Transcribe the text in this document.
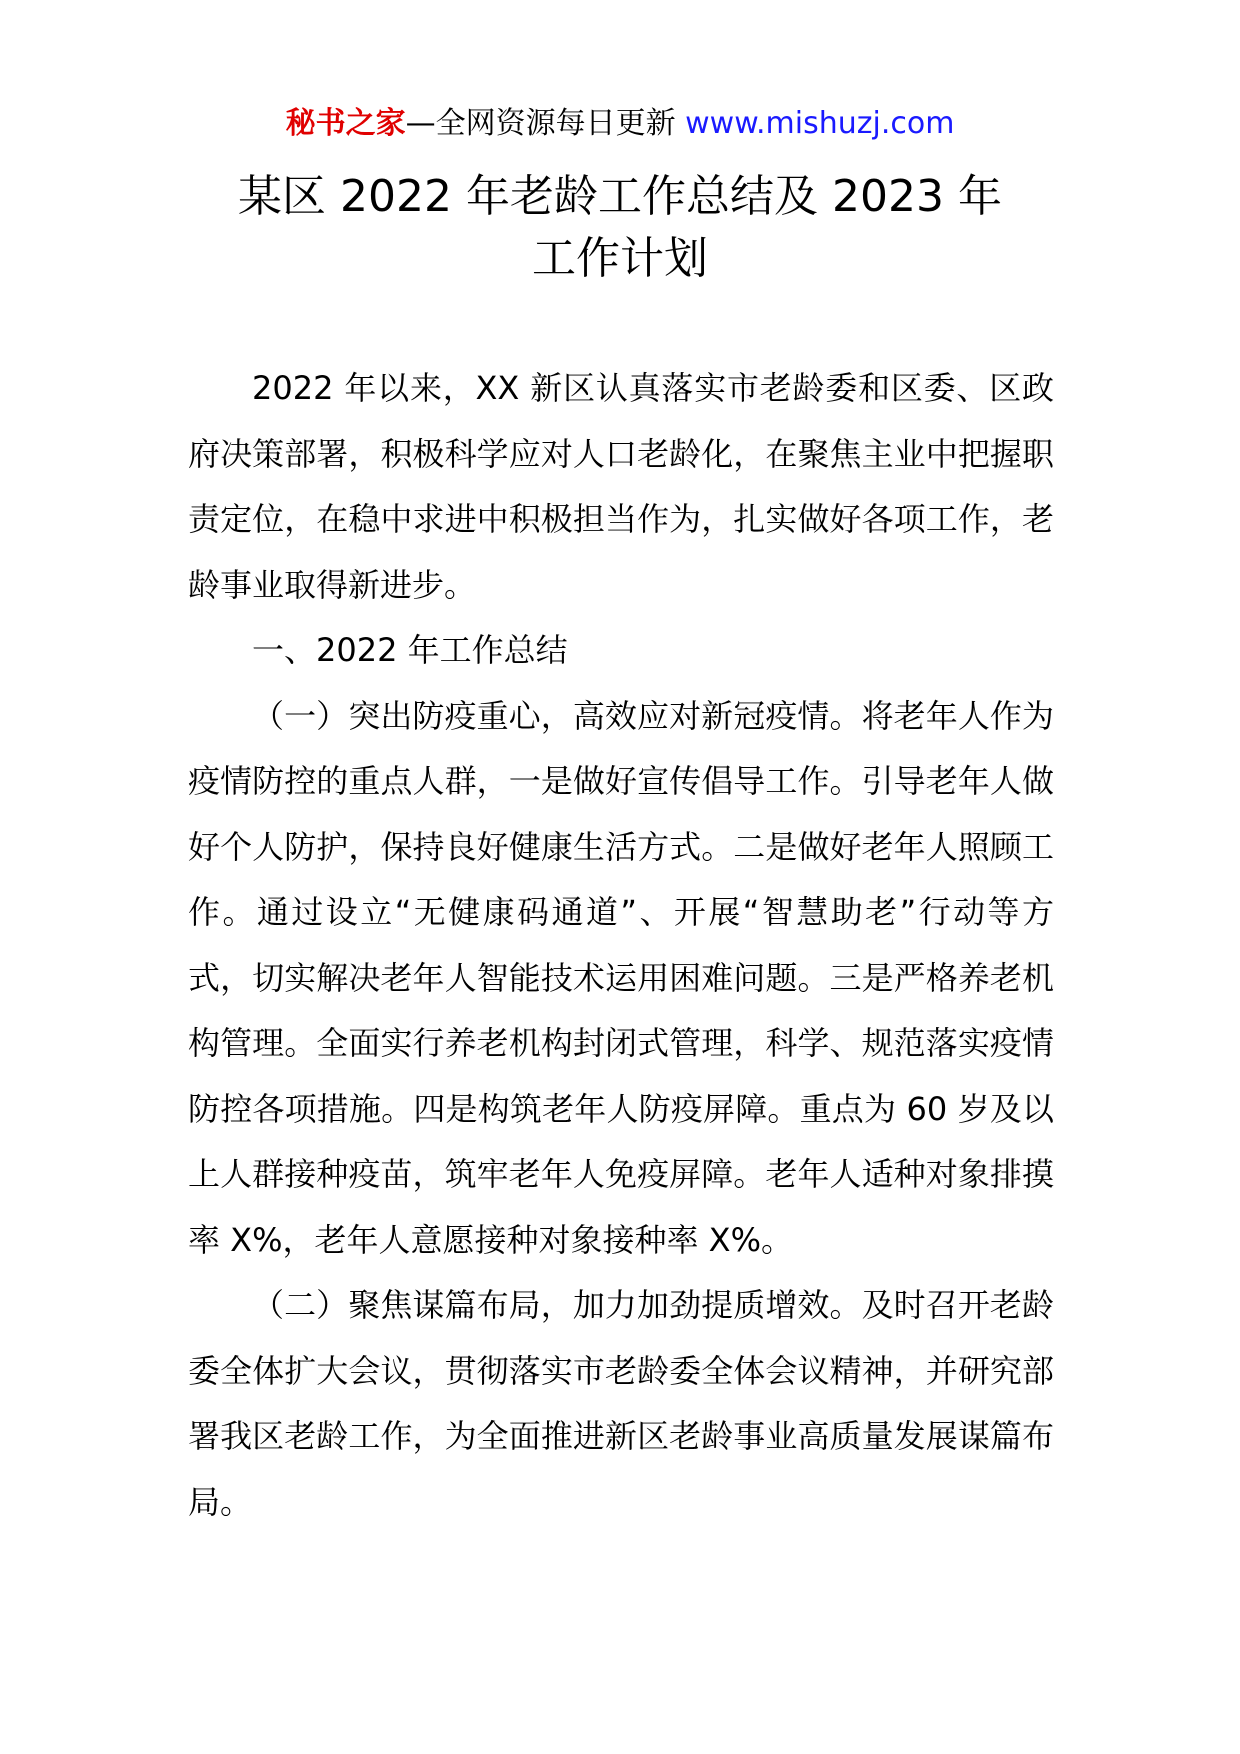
秘书之家—全网资源每日更新 www.mishuzj.com
某区 2022 年老龄工作总结及 2023 年
工作计划

2022 年以来，XX 新区认真落实市老龄委和区委、区政府决策部署，积极科学应对人口老龄化，在聚焦主业中把握职责定位，在稳中求进中积极担当作为，扎实做好各项工作，老龄事业取得新进步。

一、2022 年工作总结

（一）突出防疫重心，高效应对新冠疫情。将老年人作为疫情防控的重点人群，一是做好宣传倡导工作。引导老年人做好个人防护，保持良好健康生活方式。二是做好老年人照顾工作。通过设立“无健康码通道”、开展“智慧助老”行动等方式，切实解决老年人智能技术运用困难问题。三是严格养老机构管理。全面实行养老机构封闭式管理，科学、规范落实疫情防控各项措施。四是构筑老年人防疫屏障。重点为 60 岁及以上人群接种疫苗，筑牢老年人免疫屏障。老年人适种对象排摸率 X%，老年人意愿接种对象接种率 X%。

（二）聚焦谋篇布局，加力加劲提质增效。及时召开老龄委全体扩大会议，贯彻落实市老龄委全体会议精神，并研究部署我区老龄工作，为全面推进新区老龄事业高质量发展谋篇布局。
